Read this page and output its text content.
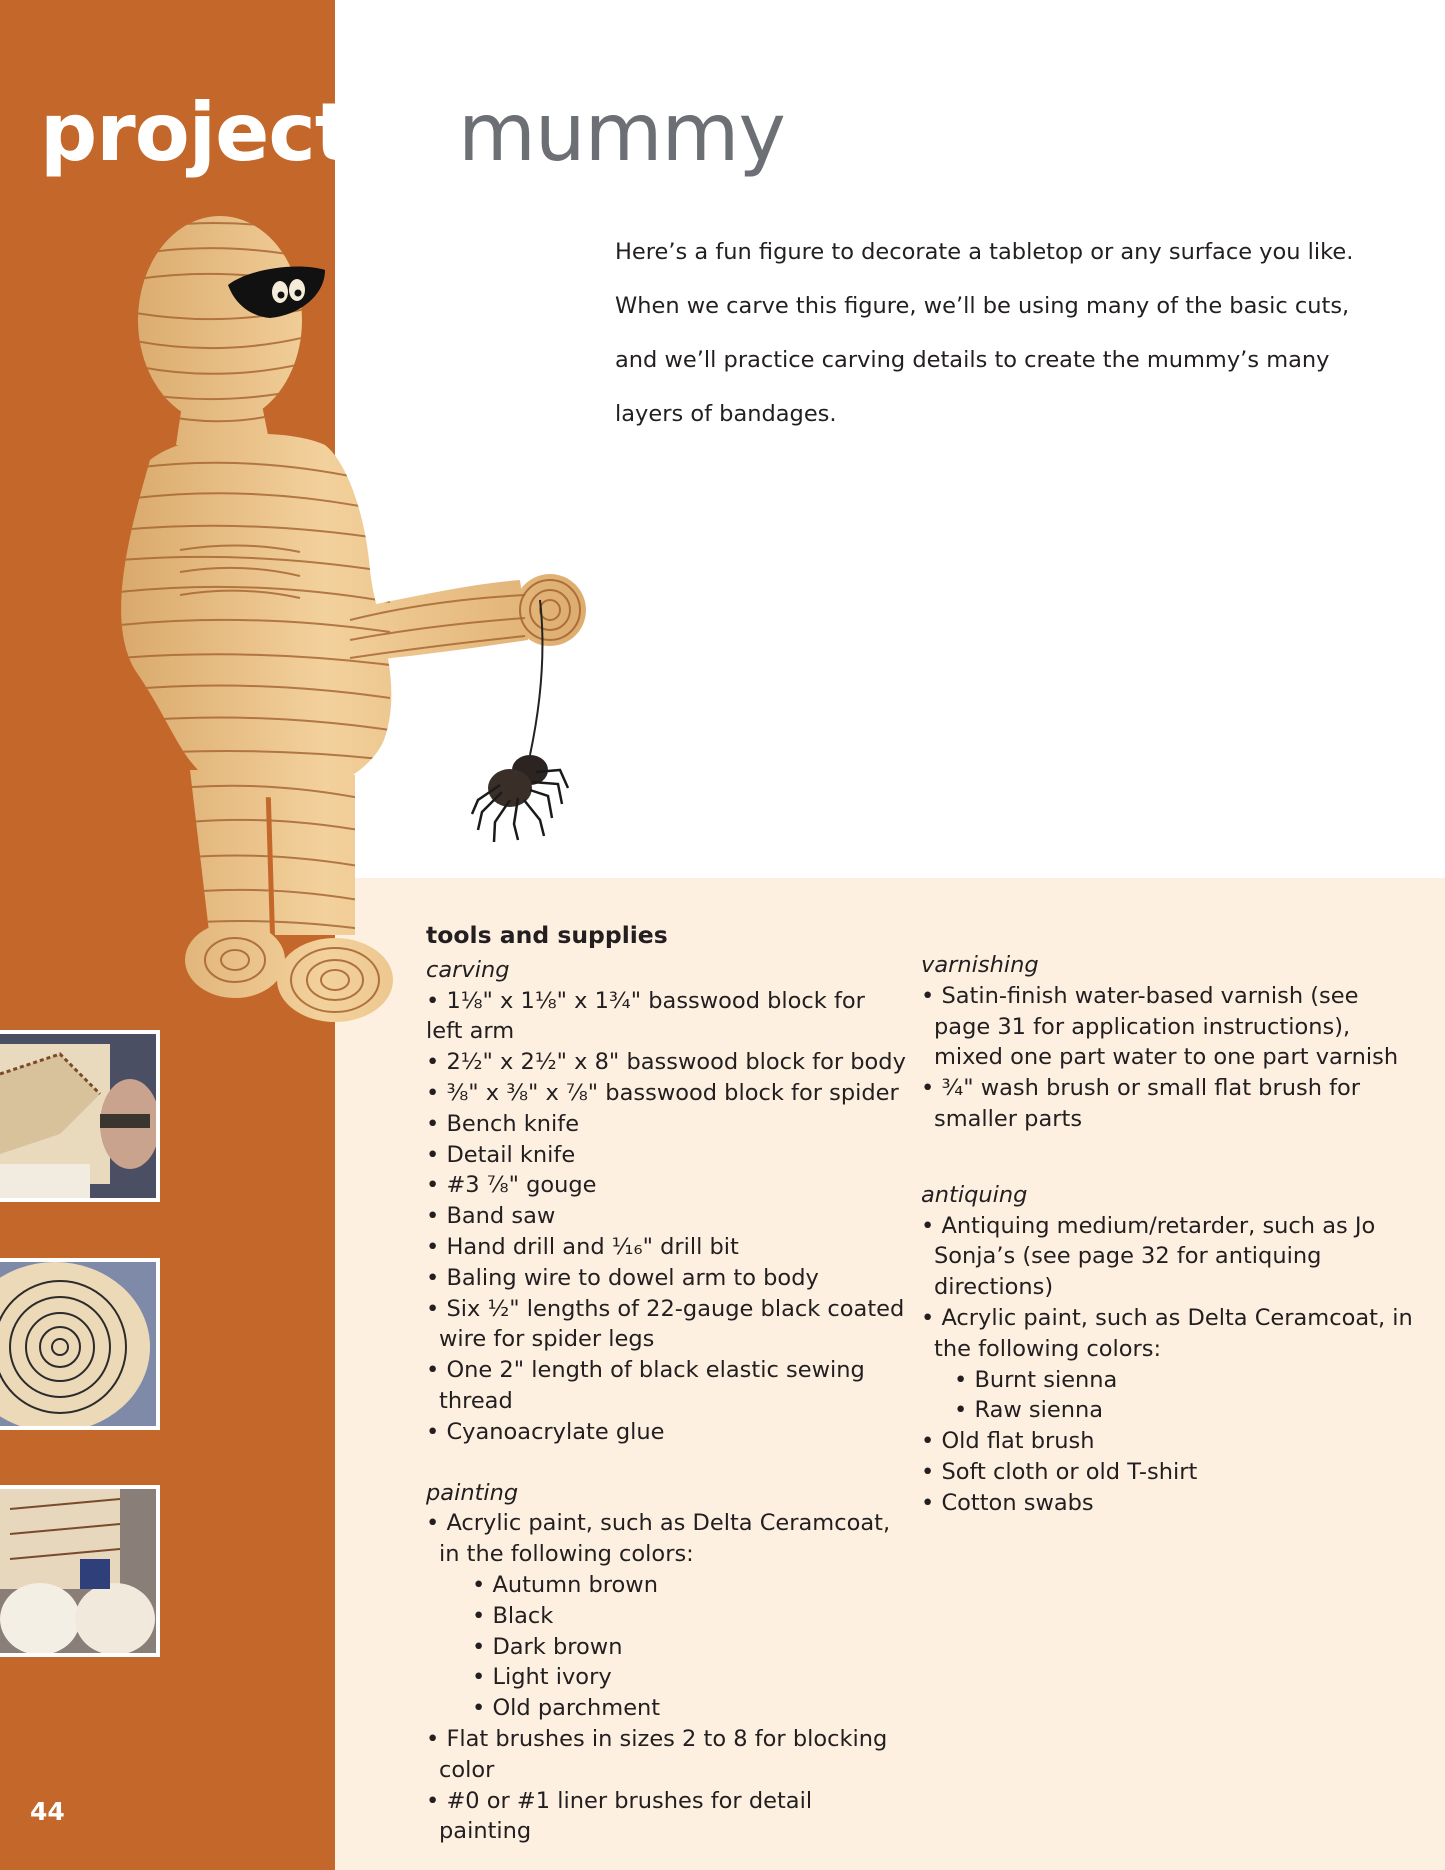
project 2 mummy

Here’s a fun figure to decorate a tabletop or any surface you like. When we carve this figure, we’ll be using many of the basic cuts, and we’ll practice carving details to create the mummy’s many layers of bandages.

tools and supplies
carving
• 1⅛" x 1⅛" x 1¾" basswood block for left arm
• 2½" x 2½" x 8" basswood block for body
• ⅜" x ⅜" x ⅞" basswood block for spider
• Bench knife
• Detail knife
• #3 ⅞" gouge
• Band saw
• Hand drill and ¹⁄₁₆" drill bit
• Baling wire to dowel arm to body
• Six ½" lengths of 22-gauge black coated wire for spider legs
• One 2" length of black elastic sewing thread
• Cyanoacrylate glue
painting
• Acrylic paint, such as Delta Ceramcoat, in the following colors:
• Autumn brown
• Black
• Dark brown
• Light ivory
• Old parchment
• Flat brushes in sizes 2 to 8 for blocking color
• #0 or #1 liner brushes for detail painting
varnishing
• Satin-finish water-based varnish (see page 31 for application instructions), mixed one part water to one part varnish
• ¾" wash brush or small flat brush for smaller parts
antiquing
• Antiquing medium/retarder, such as Jo Sonja’s (see page 32 for antiquing directions)
• Acrylic paint, such as Delta Ceramcoat, in the following colors:
• Burnt sienna
• Raw sienna
• Old flat brush
• Soft cloth or old T-shirt
• Cotton swabs
44
